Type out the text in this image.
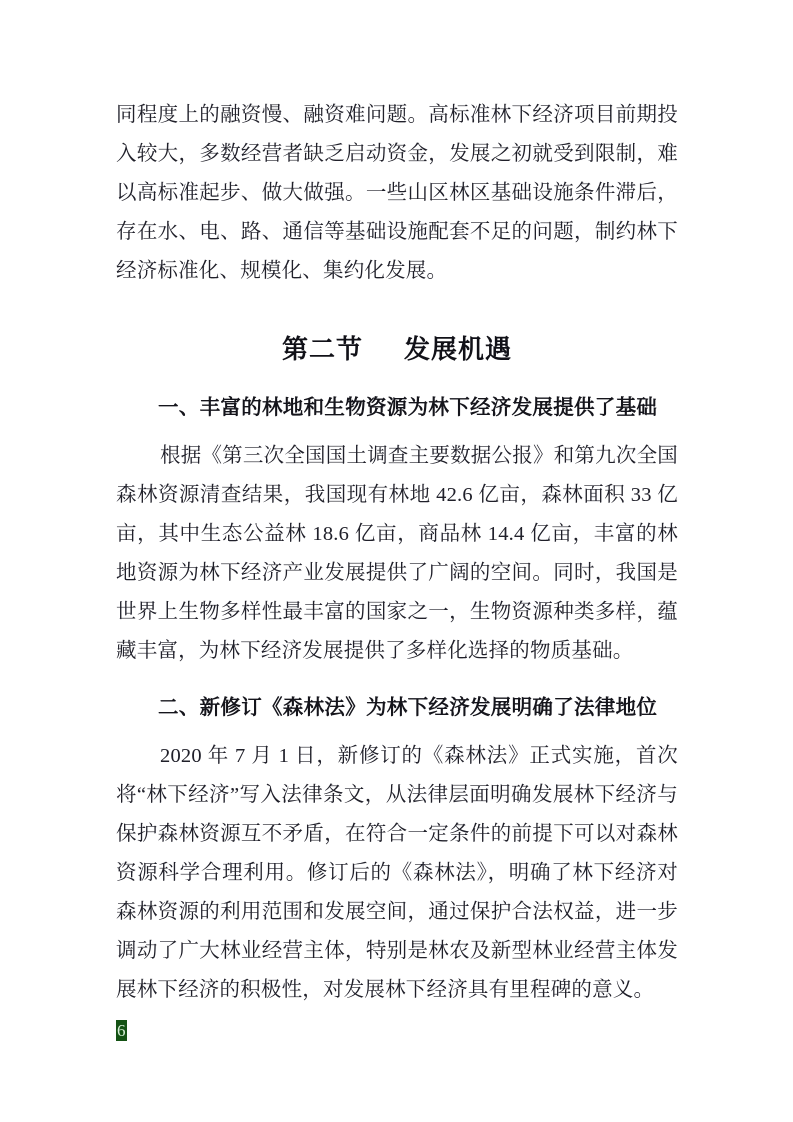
同程度上的融资慢、融资难问题。高标准林下经济项目前期投入较大，多数经营者缺乏启动资金，发展之初就受到限制，难以高标准起步、做大做强。一些山区林区基础设施条件滞后，存在水、电、路、通信等基础设施配套不足的问题，制约林下经济标准化、规模化、集约化发展。

第二节 发展机遇
一、丰富的林地和生物资源为林下经济发展提供了基础

根据《第三次全国国土调查主要数据公报》和第九次全国森林资源清查结果，我国现有林地 42.6 亿亩，森林面积 33 亿亩，其中生态公益林 18.6 亿亩，商品林 14.4 亿亩，丰富的林地资源为林下经济产业发展提供了广阔的空间。同时，我国是世界上生物多样性最丰富的国家之一，生物资源种类多样，蕴藏丰富，为林下经济发展提供了多样化选择的物质基础。

二、新修订《森林法》为林下经济发展明确了法律地位

2020 年 7 月 1 日，新修订的《森林法》正式实施，首次将“林下经济”写入法律条文，从法律层面明确发展林下经济与保护森林资源互不矛盾，在符合一定条件的前提下可以对森林资源科学合理利用。修订后的《森林法》，明确了林下经济对森林资源的利用范围和发展空间，通过保护合法权益，进一步调动了广大林业经营主体，特别是林农及新型林业经营主体发展林下经济的积极性，对发展林下经济具有里程碑的意义。

6
